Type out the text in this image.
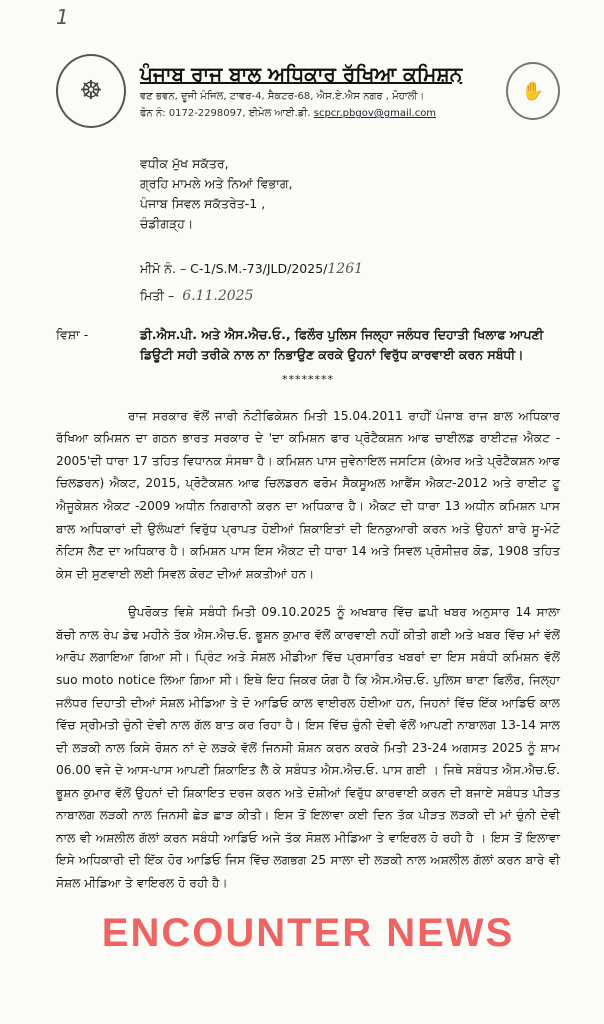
1
☸
ਪੰਜਾਬ ਰਾਜ ਬਾਲ ਅਧਿਕਾਰ ਰੱਖਿਆ ਕਮਿਸ਼ਨ
ਵਣ ਭਵਨ, ਦੂਜੀ ਮੰਜਿਲ, ਟਾਵਰ-4, ਸੈਕਟਰ-68, ਐਸ.ਏ.ਐਸ ਨਗਰ , ਮੋਹਾਲੀ।
ਫੋਨ ਨੰ: 0172-2298097, ਈਮੇਲ ਆਈ.ਡੀ. scpcr.pbgov@gmail.com
✋
ਵਧੀਕ ਮੁੱਖ ਸਕੱਤਰ,
ਗ੍ਰਹਿ ਮਾਮਲੇ ਅਤੇ ਨਿਆਂ ਵਿਭਾਗ,
ਪੰਜਾਬ ਸਿਵਲ ਸਕੱਤਰੇਤ-1 ,
ਚੰਡੀਗੜ੍ਹ।
ਮੀਮੋ ਨੰ. – C-1/S.M.-73/JLD/2025/1261
ਮਿਤੀ – 6.11.2025
ਵਿਸ਼ਾ -	ਡੀ.ਐਸ.ਪੀ. ਅਤੇ ਐਸ.ਐਚ.ਓ., ਫਿਲੌਰ ਪੁਲਿਸ ਜਿਲ੍ਹਾ ਜਲੰਧਰ ਦਿਹਾਤੀ ਖਿਲਾਫ ਆਪਣੀ ਡਿਊਟੀ ਸਹੀ ਤਰੀਕੇ ਨਾਲ ਨਾ ਨਿਭਾਉਣ ਕਰਕੇ ਉਹਨਾਂ ਵਿਰੁੱਧ ਕਾਰਵਾਈ ਕਰਨ ਸਬੰਧੀ।
********
ਰਾਜ ਸਰਕਾਰ ਵੱਲੋਂ ਜਾਰੀ ਨੋਟੀਫਿਕੇਸ਼ਨ ਮਿਤੀ 15.04.2011 ਰਾਹੀਂ ਪੰਜਾਬ ਰਾਜ ਬਾਲ ਅਧਿਕਾਰ ਰੱਖਿਆ ਕਮਿਸ਼ਨ ਦਾ ਗਠਨ ਭਾਰਤ ਸਰਕਾਰ ਦੇ 'ਦਾ ਕਮਿਸ਼ਨ ਫਾਰ ਪ੍ਰੋਟੈਕਸ਼ਨ ਆਫ ਚਾਈਲਡ ਰਾਈਟਜ਼ ਐਕਟ - 2005'ਦੀ ਧਾਰਾ 17 ਤਹਿਤ ਵਿਧਾਨਕ ਸੰਸਥਾ ਹੈ। ਕਮਿਸ਼ਨ ਪਾਸ ਜੁਵੇਨਾਇਲ ਜਸਟਿਸ (ਕੇਅਰ ਅਤੇ ਪ੍ਰੋਟੈਕਸ਼ਨ ਆਫ ਚਿਲਡਰਨ) ਐਕਟ, 2015, ਪ੍ਰੋਟੈਕਸ਼ਨ ਆਫ ਚਿਲਡਰਨ ਫਰੋਮ ਸੈਕਸੂਅਲ ਆਫੈਂਸ ਐਕਟ-2012 ਅਤੇ ਰਾਈਟ ਟੂ ਐਜੂਕੇਸ਼ਨ ਐਕਟ -2009 ਅਧੀਨ ਨਿਗਰਾਨੀ ਕਰਨ ਦਾ ਅਧਿਕਾਰ ਹੈ। ਐਕਟ ਦੀ ਧਾਰਾ 13 ਅਧੀਨ ਕਮਿਸ਼ਨ ਪਾਸ ਬਾਲ ਅਧਿਕਾਰਾਂ ਦੀ ਉਲੰਘਣਾਂ ਵਿਰੁੱਧ ਪ੍ਰਾਪਤ ਹੋਈਆਂ ਸ਼ਿਕਾਇਤਾਂ ਦੀ ਇਨਕੁਆਰੀ ਕਰਨ ਅਤੇ ਉਹਨਾਂ ਬਾਰੇ ਸੂ-ਮੋਟੋ ਨੋਟਿਸ ਲੈਣ ਦਾ ਅਧਿਕਾਰ ਹੈ। ਕਮਿਸ਼ਨ ਪਾਸ ਇਸ ਐਕਟ ਦੀ ਧਾਰਾ 14 ਅਤੇ ਸਿਵਲ ਪ੍ਰੋਸੀਜ਼ਰ ਕੋਡ, 1908 ਤਹਿਤ ਕੇਸ ਦੀ ਸੁਣਵਾਈ ਲਈ ਸਿਵਲ ਕੋਰਟ ਦੀਆਂ ਸ਼ਕਤੀਆਂ ਹਨ।
ਉਪਰੋਕਤ ਵਿਸ਼ੇ ਸਬੰਧੀ ਮਿਤੀ 09.10.2025 ਨੂੰ ਅਖਬਾਰ ਵਿੱਚ ਛਪੀ ਖਬਰ ਅਨੁਸਾਰ 14 ਸਾਲਾ ਬੱਚੀ ਨਾਲ ਰੇਪ ਡੇਢ ਮਹੀਨੇ ਤੱਕ ਐਸ.ਐਚ.ਓ. ਭੂਸ਼ਨ ਕੁਮਾਰ ਵੱਲੋਂ ਕਾਰਵਾਈ ਨਹੀਂ ਕੀਤੀ ਗਈ ਅਤੇ ਖਬਰ ਵਿੱਚ ਮਾਂ ਵੱਲੋਂ ਆਰੋਪ ਲਗਾਇਆ ਗਿਆ ਸੀ। ਪ੍ਰਿੰਟ ਅਤੇ ਸੋਸ਼ਲ ਮੀਡੀਆ ਵਿੱਚ ਪ੍ਰਸਾਰਿਤ ਖਬਰਾਂ ਦਾ ਇਸ ਸਬੰਧੀ ਕਮਿਸ਼ਨ ਵੱਲੋਂ suo moto notice ਲਿਆ ਗਿਆ ਸੀ। ਇਥੇ ਇਹ ਜਿਕਰ ਯੋਗ ਹੈ ਕਿ ਐਸ.ਐਚ.ਓ. ਪੁਲਿਸ ਥਾਣਾ ਫਿਲੌਰ, ਜਿਲ੍ਹਾ ਜਲੰਧਰ ਦਿਹਾਤੀ ਦੀਆਂ ਸੋਸ਼ਲ ਮੀਡਿਆ ਤੇ ਦੋ ਆਡਿਓ ਕਾਲ ਵਾਈਰਲ ਹੋਈਆ ਹਨ, ਜਿਹਨਾਂ ਵਿੱਚ ਇੱਕ ਆਡਿਓ ਕਾਲ ਵਿੱਚ ਸ੍ਰੀਮਤੀ ਚੁੰਨੀ ਦੇਵੀ ਨਾਲ ਗੱਲ ਬਾਤ ਕਰ ਰਿਹਾ ਹੈ। ਇਸ ਵਿੱਚ ਚੁੰਨੀ ਦੇਵੀ ਵੱਲੋਂ ਆਪਣੀ ਨਾਬਾਲਗ 13-14 ਸਾਲ ਦੀ ਲੜਕੀ ਨਾਲ ਕਿਸੇ ਰੋਸ਼ਨ ਨਾਂ ਦੇ ਲੜਕੇ ਵੱਲੋਂ ਜਿਨਸੀ ਸ਼ੋਸ਼ਨ ਕਰਨ ਕਰਕੇ ਮਿਤੀ 23-24 ਅਗਸਤ 2025 ਨੂੰ ਸ਼ਾਮ 06.00 ਵਜੇ ਦੇ ਆਸ-ਪਾਸ ਆਪਣੀ ਸ਼ਿਕਾਇਤ ਲੈ ਕੇ ਸਬੰਧਤ ਐਸ.ਐਚ.ਓ. ਪਾਸ ਗਈ । ਜਿਥੇ ਸਬੰਧਤ ਐਸ.ਐਚ.ਓ. ਭੂਸ਼ਨ ਕੁਮਾਰ ਵੱਲੋਂ ਉਹਨਾਂ ਦੀ ਸ਼ਿਕਾਇਤ ਦਰਜ ਕਰਨ ਅਤੇ ਦੋਸ਼ੀਆਂ ਵਿਰੁੱਧ ਕਾਰਵਾਈ ਕਰਨ ਦੀ ਬਜਾਏ ਸਬੰਧਤ ਪੀੜਤ ਨਾਬਾਲਗ ਲੜਕੀ ਨਾਲ ਜਿਨਸੀ ਛੇੜ ਛਾੜ ਕੀਤੀ। ਇਸ ਤੋਂ ਇਲਾਵਾ ਕਈ ਦਿਨ ਤੱਕ ਪੀੜਤ ਲੜਕੀ ਦੀ ਮਾਂ ਚੁੰਨੀ ਦੇਵੀ ਨਾਲ ਵੀ ਅਸ਼ਲੀਲ ਗੱਲਾਂ ਕਰਨ ਸਬੰਧੀ ਆਡਿਓ ਅਜੇ ਤੱਕ ਸੋਸ਼ਲ ਮੀਡਿਆ ਤੇ ਵਾਇਰਲ ਹੋ ਰਹੀ ਹੈ । ਇਸ ਤੋਂ ਇਲਾਵਾ ਇਸੇ ਅਧਿਕਾਰੀ ਦੀ ਇੱਕ ਹੋਰ ਆਡਿਓ ਜਿਸ ਵਿੱਚ ਲਗਭਗ 25 ਸਾਲਾ ਦੀ ਲੜਕੀ ਨਾਲ ਅਸ਼ਲੀਲ ਗੱਲਾਂ ਕਰਨ ਬਾਰੇ ਵੀ ਸੋਸ਼ਲ ਮੀਡਿਆ ਤੇ ਵਾਇਰਲ ਹੋ ਰਹੀ ਹੈ।
ENCOUNTER NEWS
